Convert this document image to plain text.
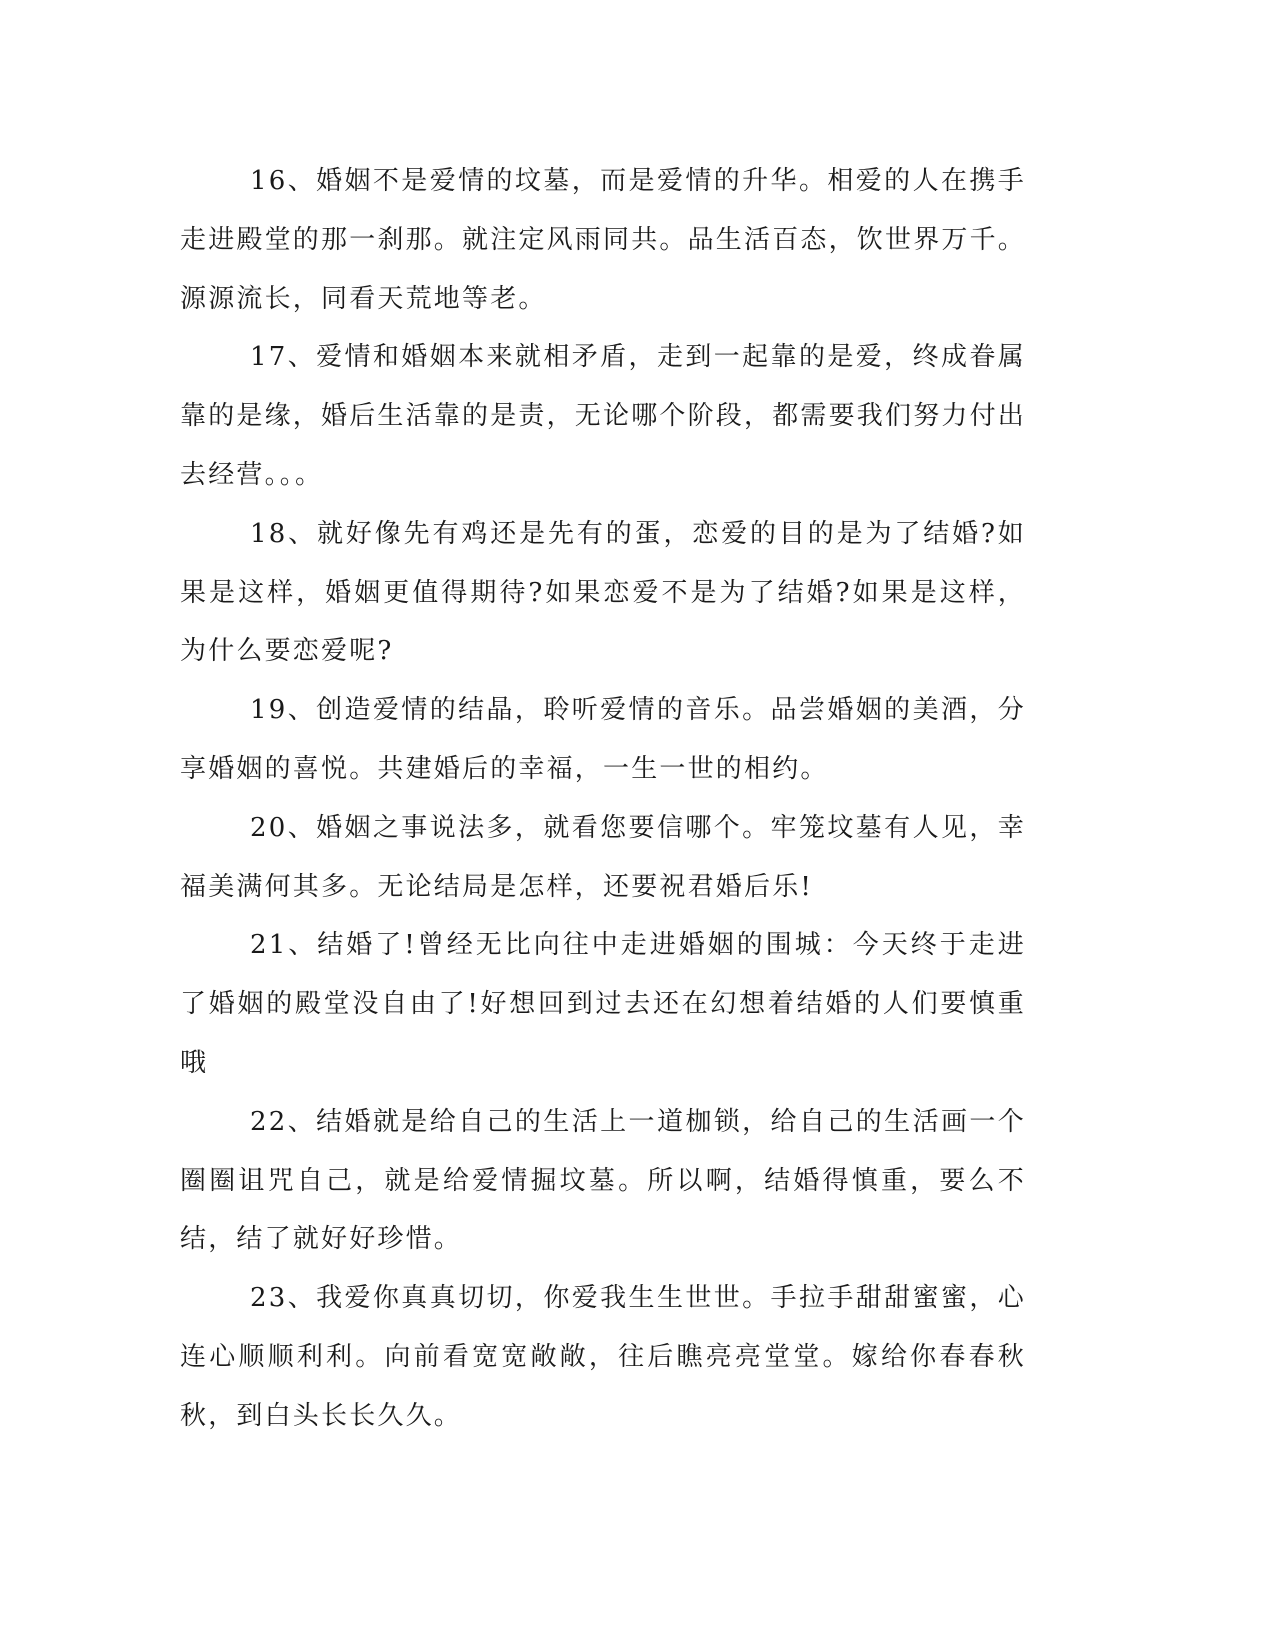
16、婚姻不是爱情的坟墓，而是爱情的升华。相爱的人在携手走进殿堂的那一刹那。就注定风雨同共。品生活百态，饮世界万千。源源流长，同看天荒地等老。

17、爱情和婚姻本来就相矛盾，走到一起靠的是爱，终成眷属靠的是缘，婚后生活靠的是责，无论哪个阶段，都需要我们努力付出去经营。。。

18、就好像先有鸡还是先有的蛋，恋爱的目的是为了结婚?如果是这样，婚姻更值得期待?如果恋爱不是为了结婚?如果是这样，为什么要恋爱呢?

19、创造爱情的结晶，聆听爱情的音乐。品尝婚姻的美酒，分享婚姻的喜悦。共建婚后的幸福，一生一世的相约。

20、婚姻之事说法多，就看您要信哪个。牢笼坟墓有人见，幸福美满何其多。无论结局是怎样，还要祝君婚后乐!

21、结婚了!曾经无比向往中走进婚姻的围城：今天终于走进了婚姻的殿堂没自由了!好想回到过去还在幻想着结婚的人们要慎重哦

22、结婚就是给自己的生活上一道枷锁，给自己的生活画一个圈圈诅咒自己，就是给爱情掘坟墓。所以啊，结婚得慎重，要么不结，结了就好好珍惜。

23、我爱你真真切切，你爱我生生世世。手拉手甜甜蜜蜜，心连心顺顺利利。向前看宽宽敞敞，往后瞧亮亮堂堂。嫁给你春春秋秋，到白头长长久久。
